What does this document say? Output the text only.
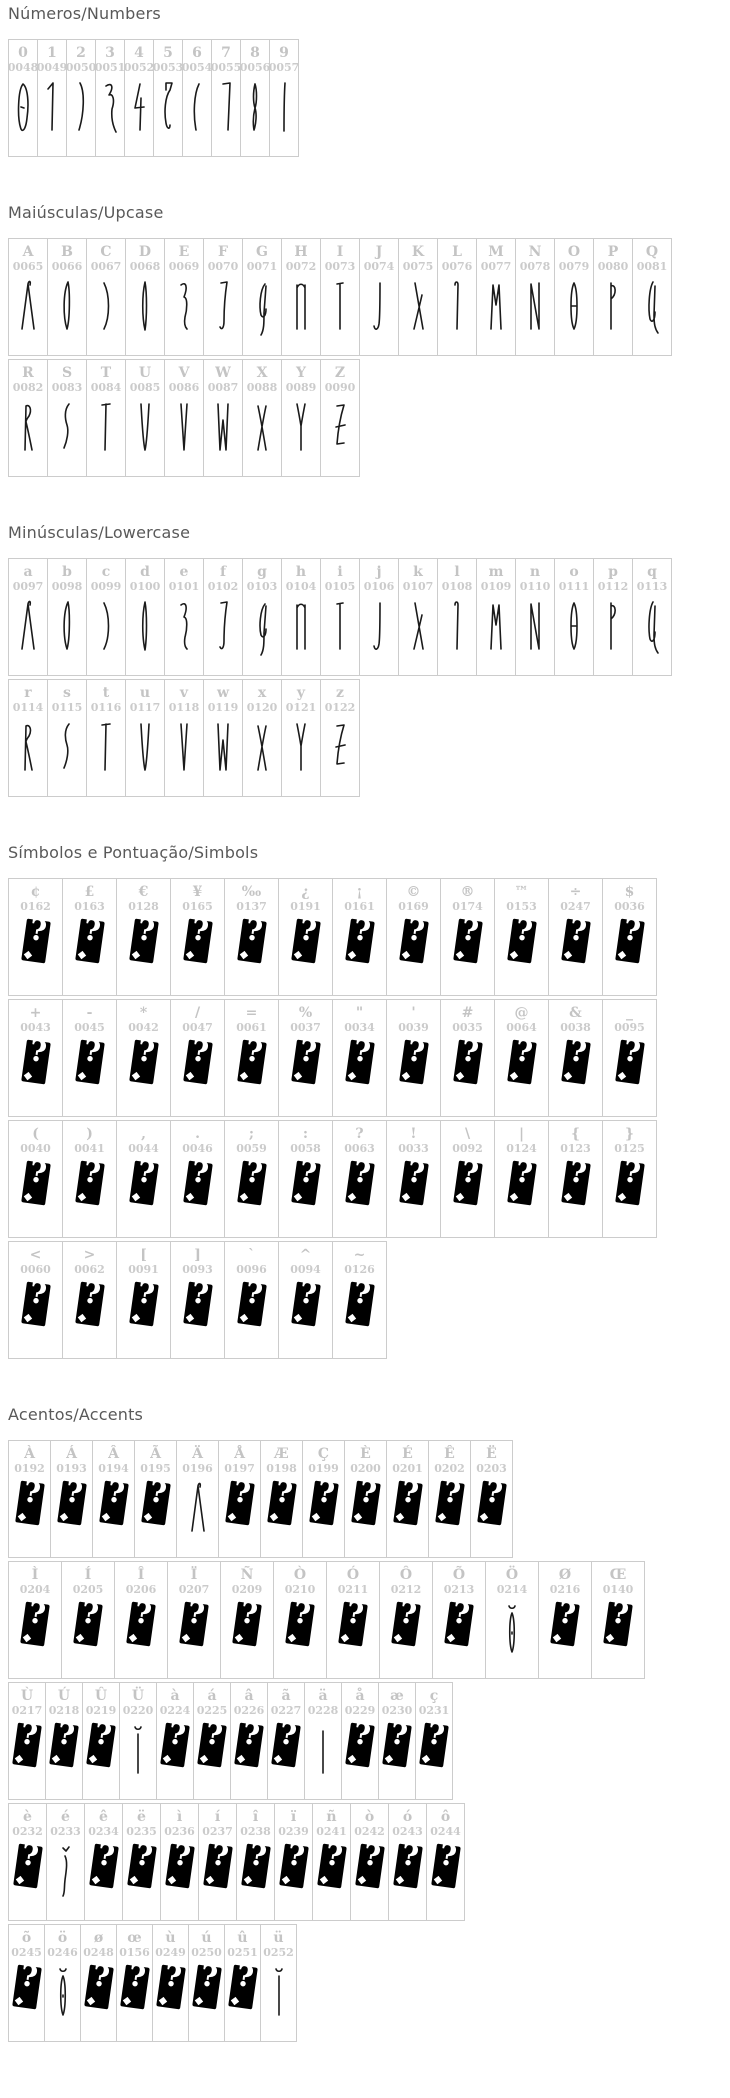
Números/Numbers
0
0048
1
0049
2
0050
3
0051
4
0052
5
0053
6
0054
7
0055
8
0056
9
0057
Maiúsculas/Upcase
A
0065
B
0066
C
0067
D
0068
E
0069
F
0070
G
0071
H
0072
I
0073
J
0074
K
0075
L
0076
M
0077
N
0078
O
0079
P
0080
Q
0081
R
0082
S
0083
T
0084
U
0085
V
0086
W
0087
X
0088
Y
0089
Z
0090
Minúsculas/Lowercase
a
0097
b
0098
c
0099
d
0100
e
0101
f
0102
g
0103
h
0104
i
0105
j
0106
k
0107
l
0108
m
0109
n
0110
o
0111
p
0112
q
0113
r
0114
s
0115
t
0116
u
0117
v
0118
w
0119
x
0120
y
0121
z
0122
Símbolos e Pontuação/Simbols
¢
0162
?
£
0163
?
€
0128
?
¥
0165
?
‰
0137
?
¿
0191
?
¡
0161
?
©
0169
?
®
0174
?
™
0153
?
÷
0247
?
$
0036
?
+
0043
?
-
0045
?
*
0042
?
/
0047
?
=
0061
?
%
0037
?
"
0034
?
'
0039
?
#
0035
?
@
0064
?
&
0038
?
_
0095
?
(
0040
?
)
0041
?
,
0044
?
.
0046
?
;
0059
?
:
0058
?
?
0063
?
!
0033
?
\
0092
?
|
0124
?
{
0123
?
}
0125
?
<
0060
?
>
0062
?
[
0091
?
]
0093
?
`
0096
?
^
0094
?
~
0126
?
Acentos/Accents
À
0192
?
Á
0193
?
Â
0194
?
Ã
0195
?
Ä
0196
Å
0197
?
Æ
0198
?
Ç
0199
?
È
0200
?
É
0201
?
Ê
0202
?
Ë
0203
?
Ì
0204
?
Í
0205
?
Î
0206
?
Ï
0207
?
Ñ
0209
?
Ò
0210
?
Ó
0211
?
Ô
0212
?
Õ
0213
?
Ö
0214
Ø
0216
?
Œ
0140
?
Ù
0217
?
Ú
0218
?
Û
0219
?
Ü
0220
à
0224
?
á
0225
?
â
0226
?
ã
0227
?
ä
0228
å
0229
?
æ
0230
?
ç
0231
?
è
0232
?
é
0233
ê
0234
?
ë
0235
?
ì
0236
?
í
0237
?
î
0238
?
ï
0239
?
ñ
0241
?
ò
0242
?
ó
0243
?
ô
0244
?
õ
0245
?
ö
0246
ø
0248
?
œ
0156
?
ù
0249
?
ú
0250
?
û
0251
?
ü
0252
